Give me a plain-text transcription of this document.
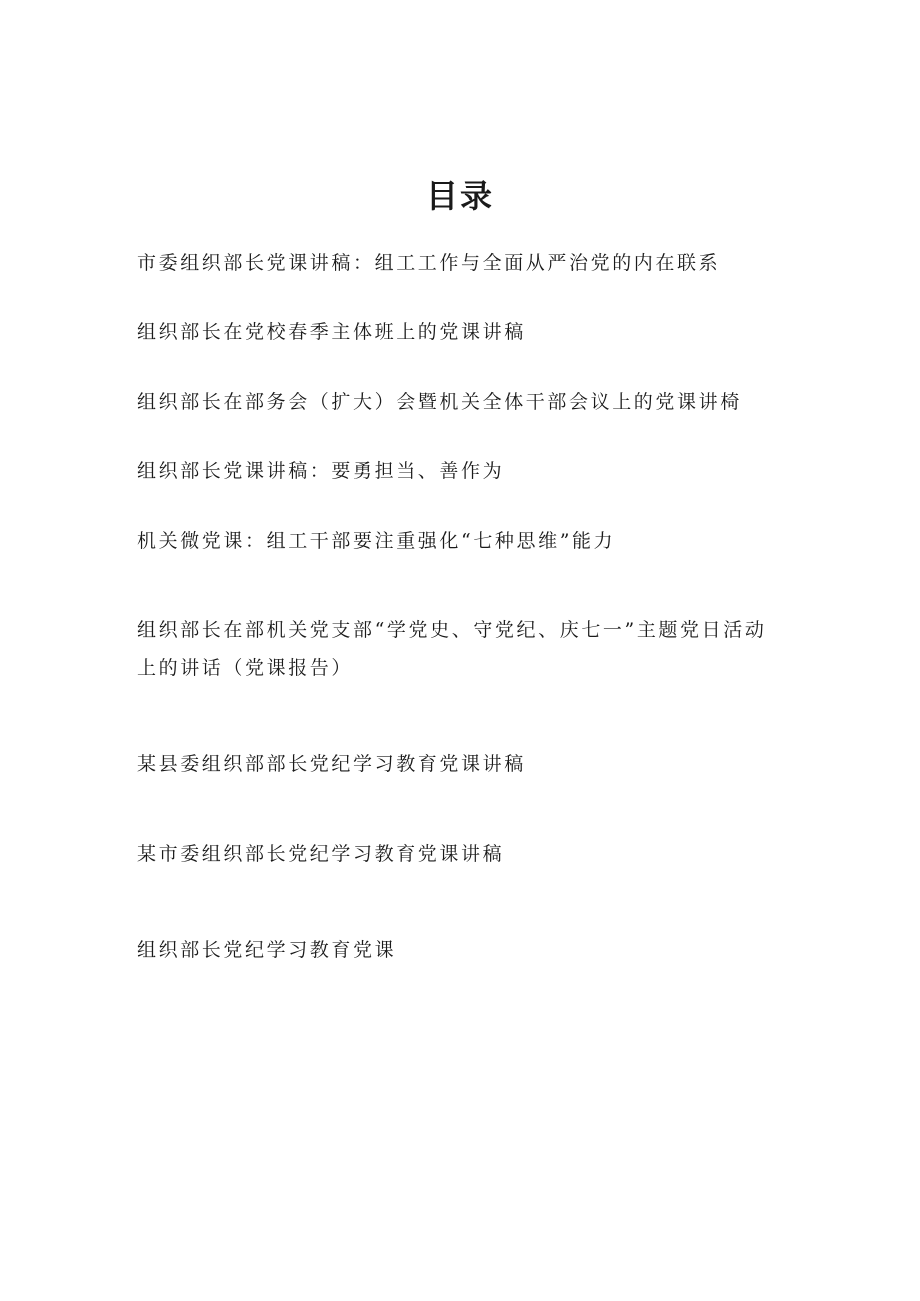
目录
市委组织部长党课讲稿：组工工作与全面从严治党的内在联系
组织部长在党校春季主体班上的党课讲稿
组织部长在部务会（扩大）会暨机关全体干部会议上的党课讲椅
组织部长党课讲稿：要勇担当、善作为
机关微党课：组工干部要注重强化“七种思维”能力
组织部长在部机关党支部“学党史、守党纪、庆七一”主题党日活动上的讲话（党课报告）
某县委组织部部长党纪学习教育党课讲稿
某市委组织部长党纪学习教育党课讲稿
组织部长党纪学习教育党课
